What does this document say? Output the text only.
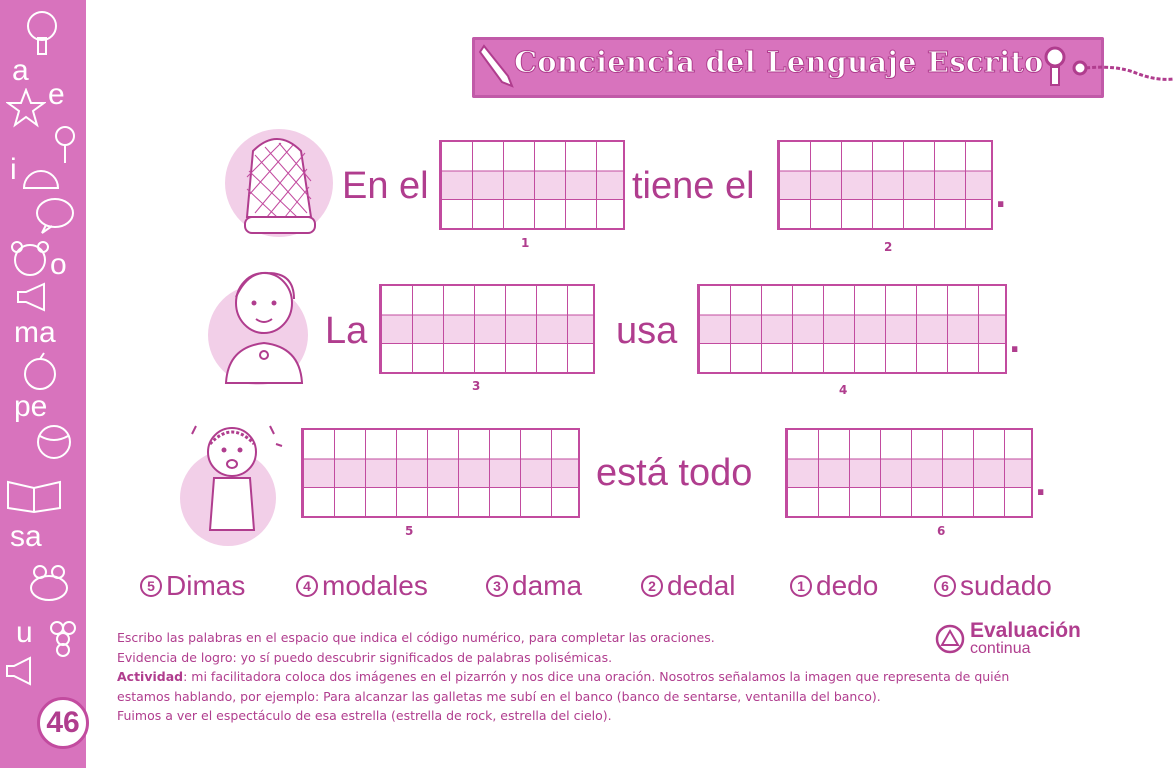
a
e
i
o
ma
pe
sa
u
46
Conciencia del Lenguaje Escrito
En el
1
tiene el
2
.
La
3
usa
4
.
5
está todo
6
.
5 Dimas	4 modales	3 dama	2 dedal	1 dedo	6 sudado
Evaluación
continua

Escribo las palabras en el espacio que indica el código numérico, para completar las oraciones.

Evidencia de logro: yo sí puedo descubrir significados de palabras polisémicas.

Actividad: mi facilitadora coloca dos imágenes en el pizarrón y nos dice una oración. Nosotros señalamos la imagen que representa de quién estamos hablando, por ejemplo: Para alcanzar las galletas me subí en el banco (banco de sentarse, ventanilla del banco).

Fuimos a ver el espectáculo de esa estrella (estrella de rock, estrella del cielo).
